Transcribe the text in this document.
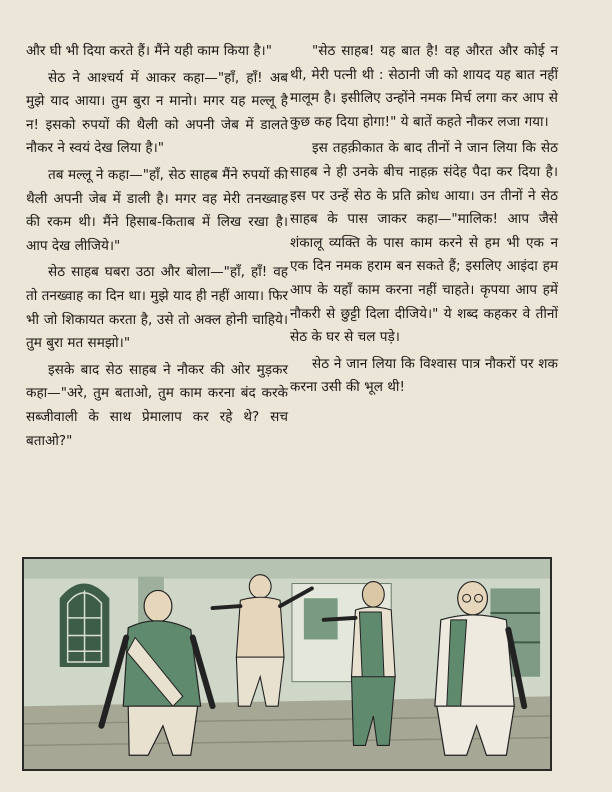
और घी भी दिया करते हैं। मैंने यही काम किया है।"

सेठ ने आश्चर्य में आकर कहा—"हाँ, हाँ! अब मुझे याद आया। तुम बुरा न मानो। मगर यह मल्लू है न! इसको रुपयों की थैली को अपनी जेब में डालते नौकर ने स्वयं देख लिया है।"

तब मल्लू ने कहा—"हाँ, सेठ साहब मैंने रुपयों की थैली अपनी जेब में डाली है। मगर वह मेरी तनख्वाह की रकम थी। मैंने हिसाब-किताब में लिख रखा है। आप देख लीजिये।"

सेठ साहब घबरा उठा और बोला—"हाँ, हाँ! वह तो तनख्वाह का दिन था। मुझे याद ही नहीं आया। फिर भी जो शिकायत करता है, उसे तो अक्ल होनी चाहिये। तुम बुरा मत समझो।"

इसके बाद सेठ साहब ने नौकर की ओर मुड़कर कहा—"अरे, तुम बताओ, तुम काम करना बंद करके सब्जीवाली के साथ प्रेमालाप कर रहे थे? सच बताओ?"

"सेठ साहब! यह बात है! वह औरत और कोई न थी, मेरी पत्नी थी : सेठानी जी को शायद यह बात नहीं मालूम है। इसीलिए उन्होंने नमक मिर्च लगा कर आप से कुछ कह दिया होगा!" ये बातें कहते नौकर लजा गया।

इस तहक़ीकात के बाद तीनों ने जान लिया कि सेठ साहब ने ही उनके बीच नाहक़ संदेह पैदा कर दिया है। इस पर उन्हें सेठ के प्रति क्रोध आया। उन तीनों ने सेठ साहब के पास जाकर कहा—"मालिक! आप जैसे शंकालू व्यक्ति के पास काम करने से हम भी एक न एक दिन नमक हराम बन सकते हैं; इसलिए आइंदा हम आप के यहाँ काम करना नहीं चाहते। कृपया आप हमें नौकरी से छुट्टी दिला दीजिये।" ये शब्द कहकर वे तीनों सेठ के घर से चल पड़े।

सेठ ने जान लिया कि विश्वास पात्र नौकरों पर शक करना उसी की भूल थी!
